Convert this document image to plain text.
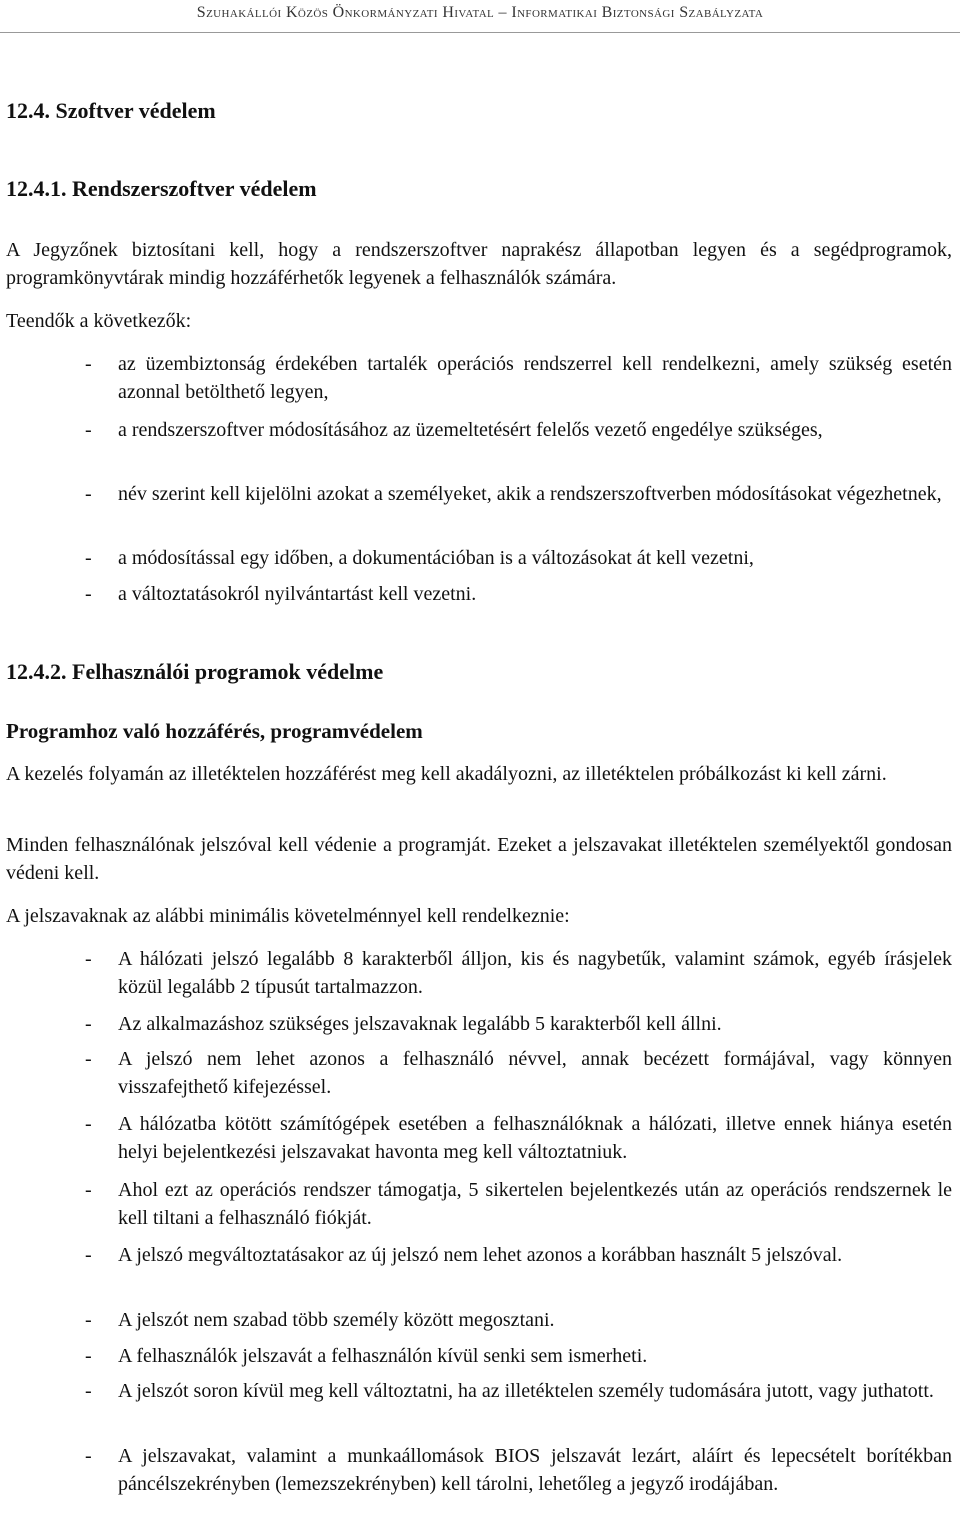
Szuhakállói Közös Önkormányzati Hivatal – Informatikai Biztonsági Szabályzata
12.4. Szoftver védelem
12.4.1. Rendszerszoftver védelem

A Jegyzőnek biztosítani kell, hogy a rendszerszoftver naprakész állapotban legyen és a segédprogramok, programkönyvtárak mindig hozzáférhetők legyenek a felhasználók számára.

Teendők a következők:

-	az üzembiztonság érdekében tartalék operációs rendszerrel kell rendelkezni, amely szükség esetén azonnal betölthető legyen,
-	a rendszerszoftver módosításához az üzemeltetésért felelős vezető engedélye szükséges,
-	név szerint kell kijelölni azokat a személyeket, akik a rendszerszoftverben módosításokat végezhetnek,
-	a módosítással egy időben, a dokumentációban is a változásokat át kell vezetni,
-	a változtatásokról nyilvántartást kell vezetni.
12.4.2. Felhasználói programok védelme
Programhoz való hozzáférés, programvédelem

A kezelés folyamán az illetéktelen hozzáférést meg kell akadályozni, az illetéktelen próbálkozást ki kell zárni.

Minden felhasználónak jelszóval kell védenie a programját. Ezeket a jelszavakat illetéktelen személyektől gondosan védeni kell.

A jelszavaknak az alábbi minimális követelménnyel kell rendelkeznie:

-	A hálózati jelszó legalább 8 karakterből álljon, kis és nagybetűk, valamint számok, egyéb írásjelek közül legalább 2 típusút tartalmazzon.
-	Az alkalmazáshoz szükséges jelszavaknak legalább 5 karakterből kell állni.
-	A jelszó nem lehet azonos a felhasználó névvel, annak becézett formájával, vagy könnyen visszafejthető kifejezéssel.
-	A hálózatba kötött számítógépek esetében a felhasználóknak a hálózati, illetve ennek hiánya esetén helyi bejelentkezési jelszavakat havonta meg kell változtatniuk.
-	Ahol ezt az operációs rendszer támogatja, 5 sikertelen bejelentkezés után az operációs rendszernek le kell tiltani a felhasználó fiókját.
-	A jelszó megváltoztatásakor az új jelszó nem lehet azonos a korábban használt 5 jelszóval.
-	A jelszót nem szabad több személy között megosztani.
-	A felhasználók jelszavát a felhasználón kívül senki sem ismerheti.
-	A jelszót soron kívül meg kell változtatni, ha az illetéktelen személy tudomására jutott, vagy juthatott.
-	A jelszavakat, valamint a munkaállomások BIOS jelszavát lezárt, aláírt és lepecsételt borítékban páncélszekrényben (lemezszekrényben) kell tárolni, lehetőleg a jegyző irodájában.
